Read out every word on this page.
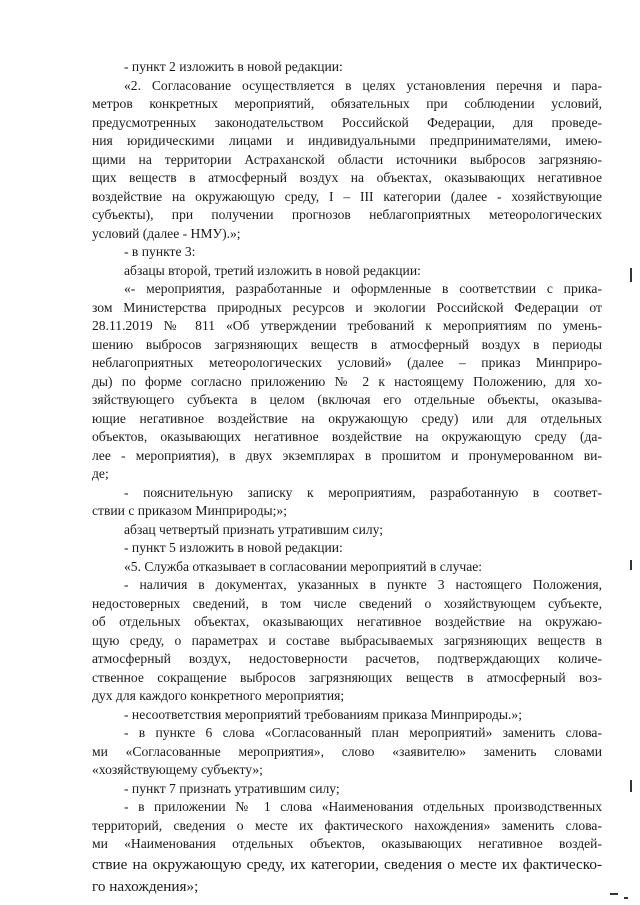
- пункт 2 изложить в новой редакции:
«2. Согласование осуществляется в целях установления перечня и пара-
метров конкретных мероприятий, обязательных при соблюдении условий,
предусмотренных законодательством Российской Федерации, для проведе-
ния юридическими лицами и индивидуальными предпринимателями, имею-
щими на территории Астраханской области источники выбросов загрязняю-
щих веществ в атмосферный воздух на объектах, оказывающих негативное
воздействие на окружающую среду, I – III категории (далее - хозяйствующие
субъекты), при получении прогнозов неблагоприятных метеорологических
условий (далее - НМУ).»;
- в пункте 3:
абзацы второй, третий изложить в новой редакции:
«- мероприятия, разработанные и оформленные в соответствии с прика-
зом Министерства природных ресурсов и экологии Российской Федерации от
28.11.2019 № 811 «Об утверждении требований к мероприятиям по умень-
шению выбросов загрязняющих веществ в атмосферный воздух в периоды
неблагоприятных метеорологических условий» (далее – приказ Минприро-
ды) по форме согласно приложению № 2 к настоящему Положению, для хо-
зяйствующего субъекта в целом (включая его отдельные объекты, оказыва-
ющие негативное воздействие на окружающую среду) или для отдельных
объектов, оказывающих негативное воздействие на окружающую среду (да-
лее - мероприятия), в двух экземплярах в прошитом и пронумерованном ви-
де;
- пояснительную записку к мероприятиям, разработанную в соответ-
ствии с приказом Минприроды;»;
абзац четвертый признать утратившим силу;
- пункт 5 изложить в новой редакции:
«5. Служба отказывает в согласовании мероприятий в случае:
- наличия в документах, указанных в пункте 3 настоящего Положения,
недостоверных сведений, в том числе сведений о хозяйствующем субъекте,
об отдельных объектах, оказывающих негативное воздействие на окружаю-
щую среду, о параметрах и составе выбрасываемых загрязняющих веществ в
атмосферный воздух, недостоверности расчетов, подтверждающих количе-
ственное сокращение выбросов загрязняющих веществ в атмосферный воз-
дух для каждого конкретного мероприятия;
- несоответствия мероприятий требованиям приказа Минприроды.»;
- в пункте 6 слова «Согласованный план мероприятий» заменить слова-
ми «Согласованные мероприятия», слово «заявителю» заменить словами
«хозяйствующему субъекту»;
- пункт 7 признать утратившим силу;
- в приложении № 1 слова «Наименования отдельных производственных
территорий, сведения о месте их фактического нахождения» заменить слова-
ми «Наименования отдельных объектов, оказывающих негативное воздей-
ствие на окружающую среду, их категории, сведения о месте их фактическо-
го нахождения»;
